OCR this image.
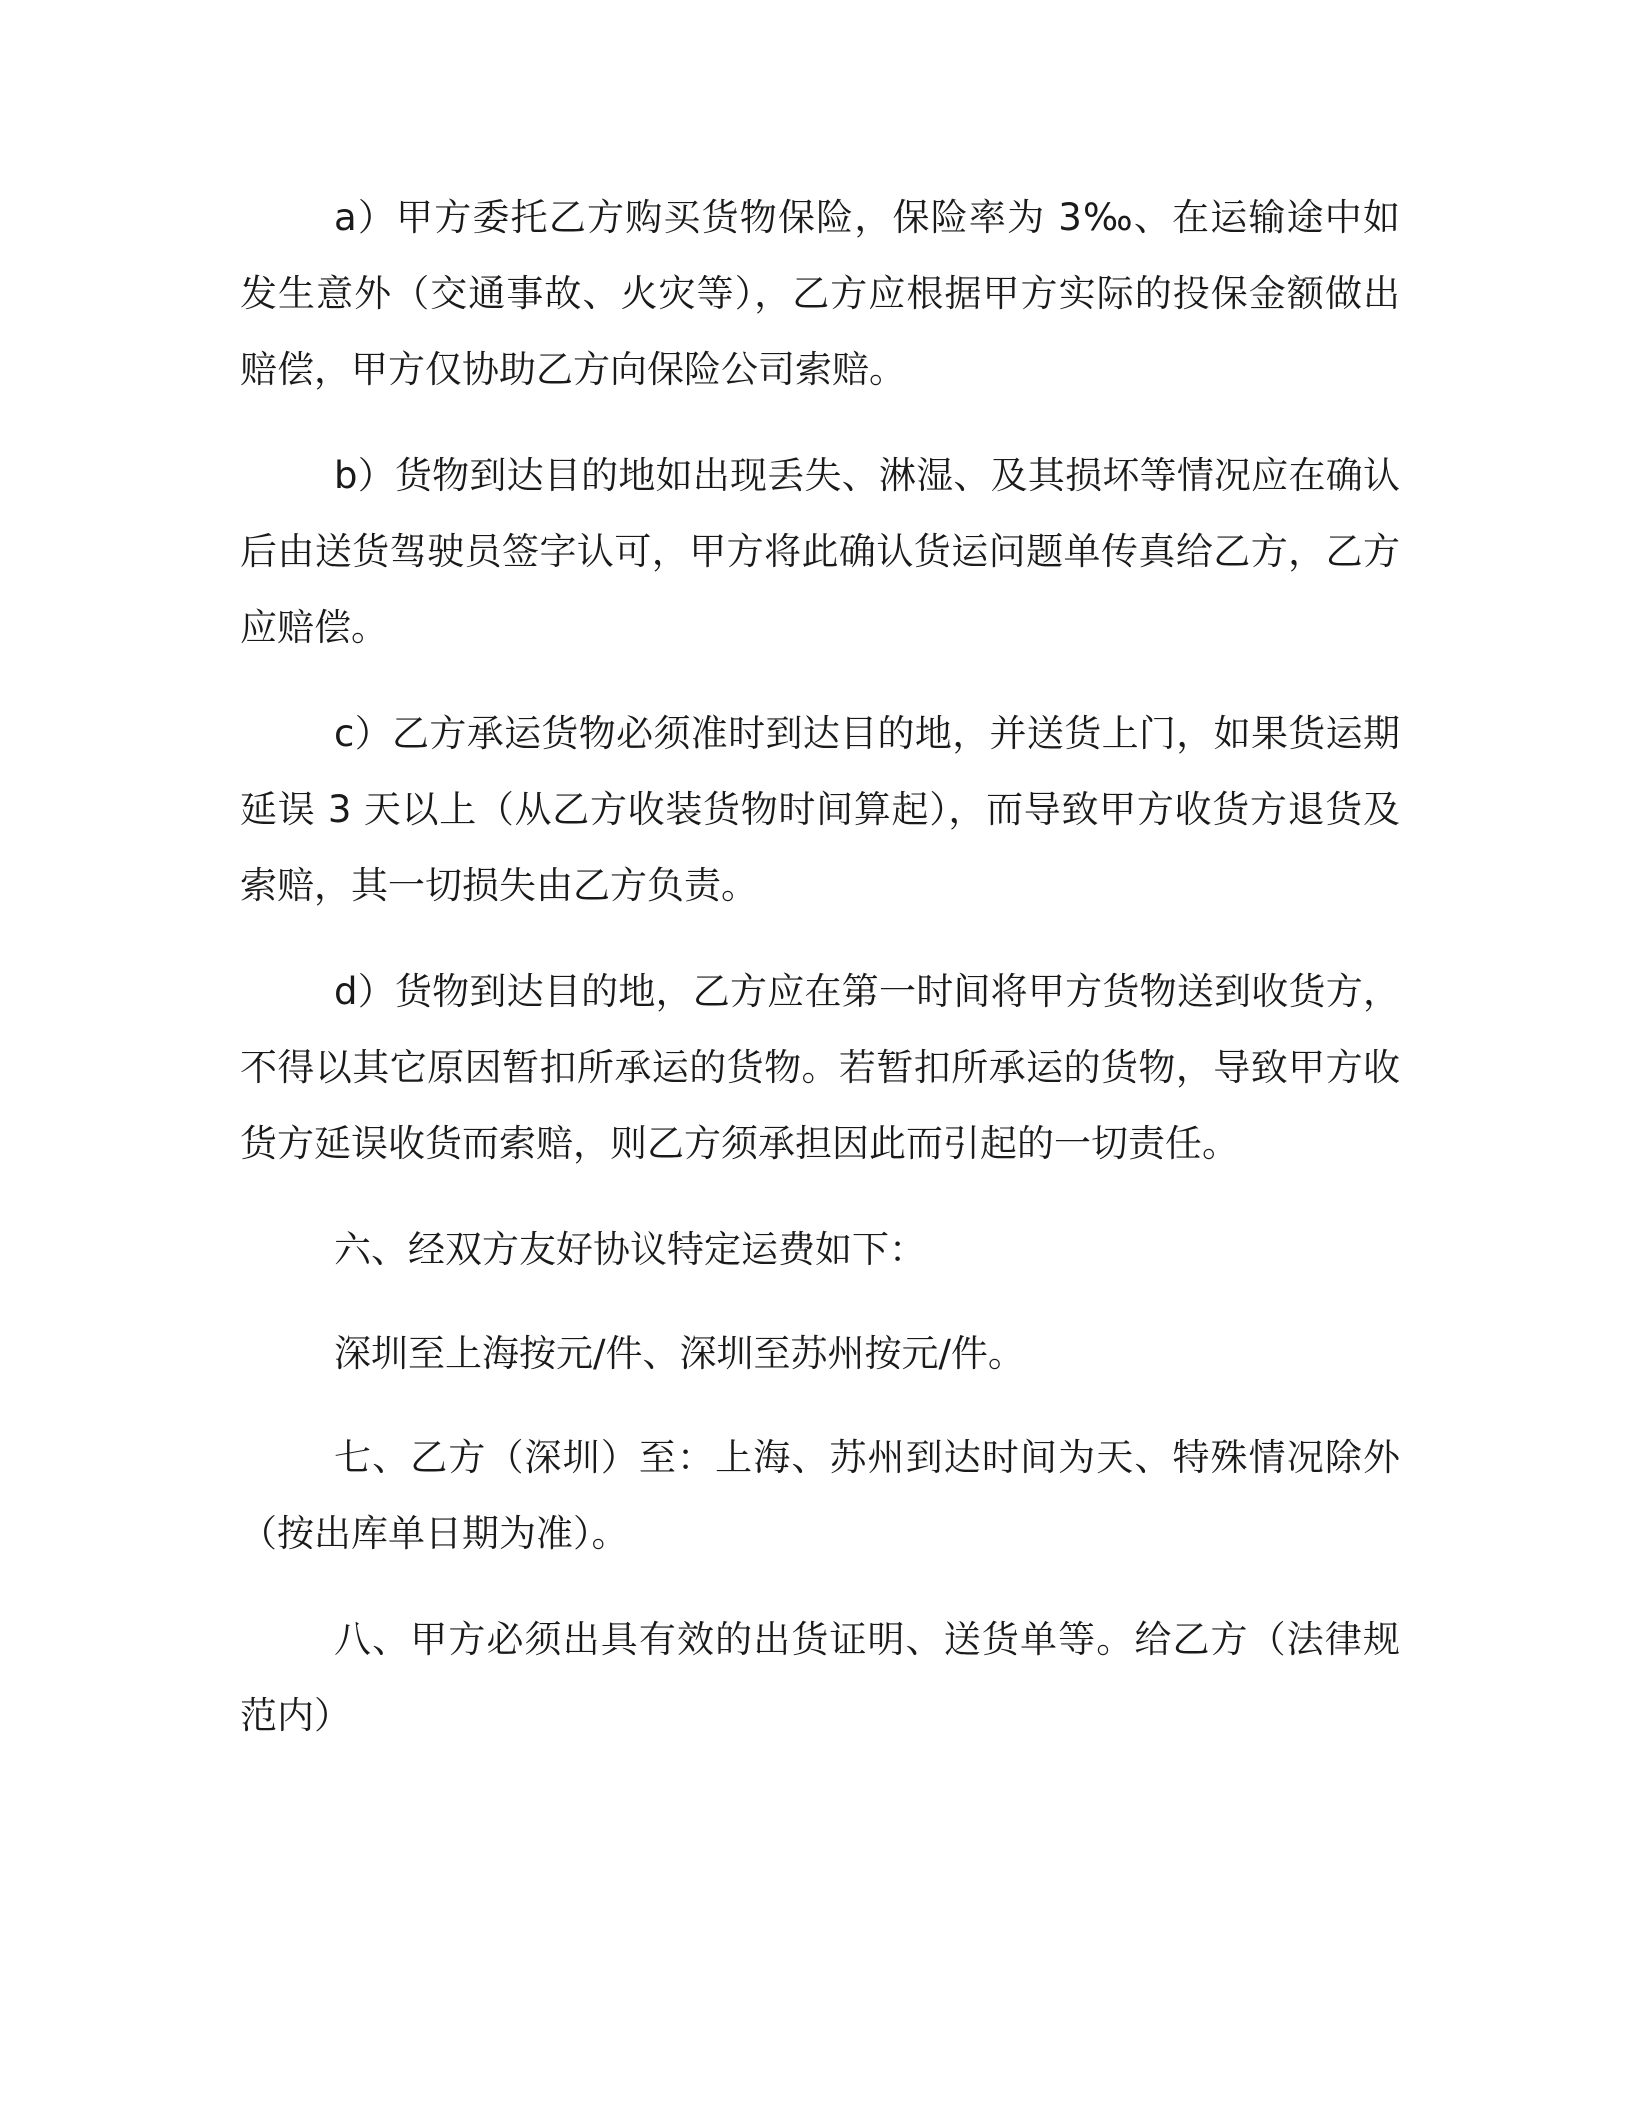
a）甲方委托乙方购买货物保险，保险率为 3‰、在运输途中如发生意外（交通事故、火灾等），乙方应根据甲方实际的投保金额做出赔偿，甲方仅协助乙方向保险公司索赔。

b）货物到达目的地如出现丢失、淋湿、及其损坏等情况应在确认后由送货驾驶员签字认可，甲方将此确认货运问题单传真给乙方，乙方应赔偿。

c）乙方承运货物必须准时到达目的地，并送货上门，如果货运期延误 3 天以上（从乙方收装货物时间算起），而导致甲方收货方退货及索赔，其一切损失由乙方负责。

d）货物到达目的地，乙方应在第一时间将甲方货物送到收货方，不得以其它原因暂扣所承运的货物。若暂扣所承运的货物，导致甲方收货方延误收货而索赔，则乙方须承担因此而引起的一切责任。

六、经双方友好协议特定运费如下：

深圳至上海按元/件、深圳至苏州按元/件。

七、乙方（深圳）至：上海、苏州到达时间为天、特殊情况除外（按出库单日期为准）。

八、甲方必须出具有效的出货证明、送货单等。给乙方（法律规范内）
